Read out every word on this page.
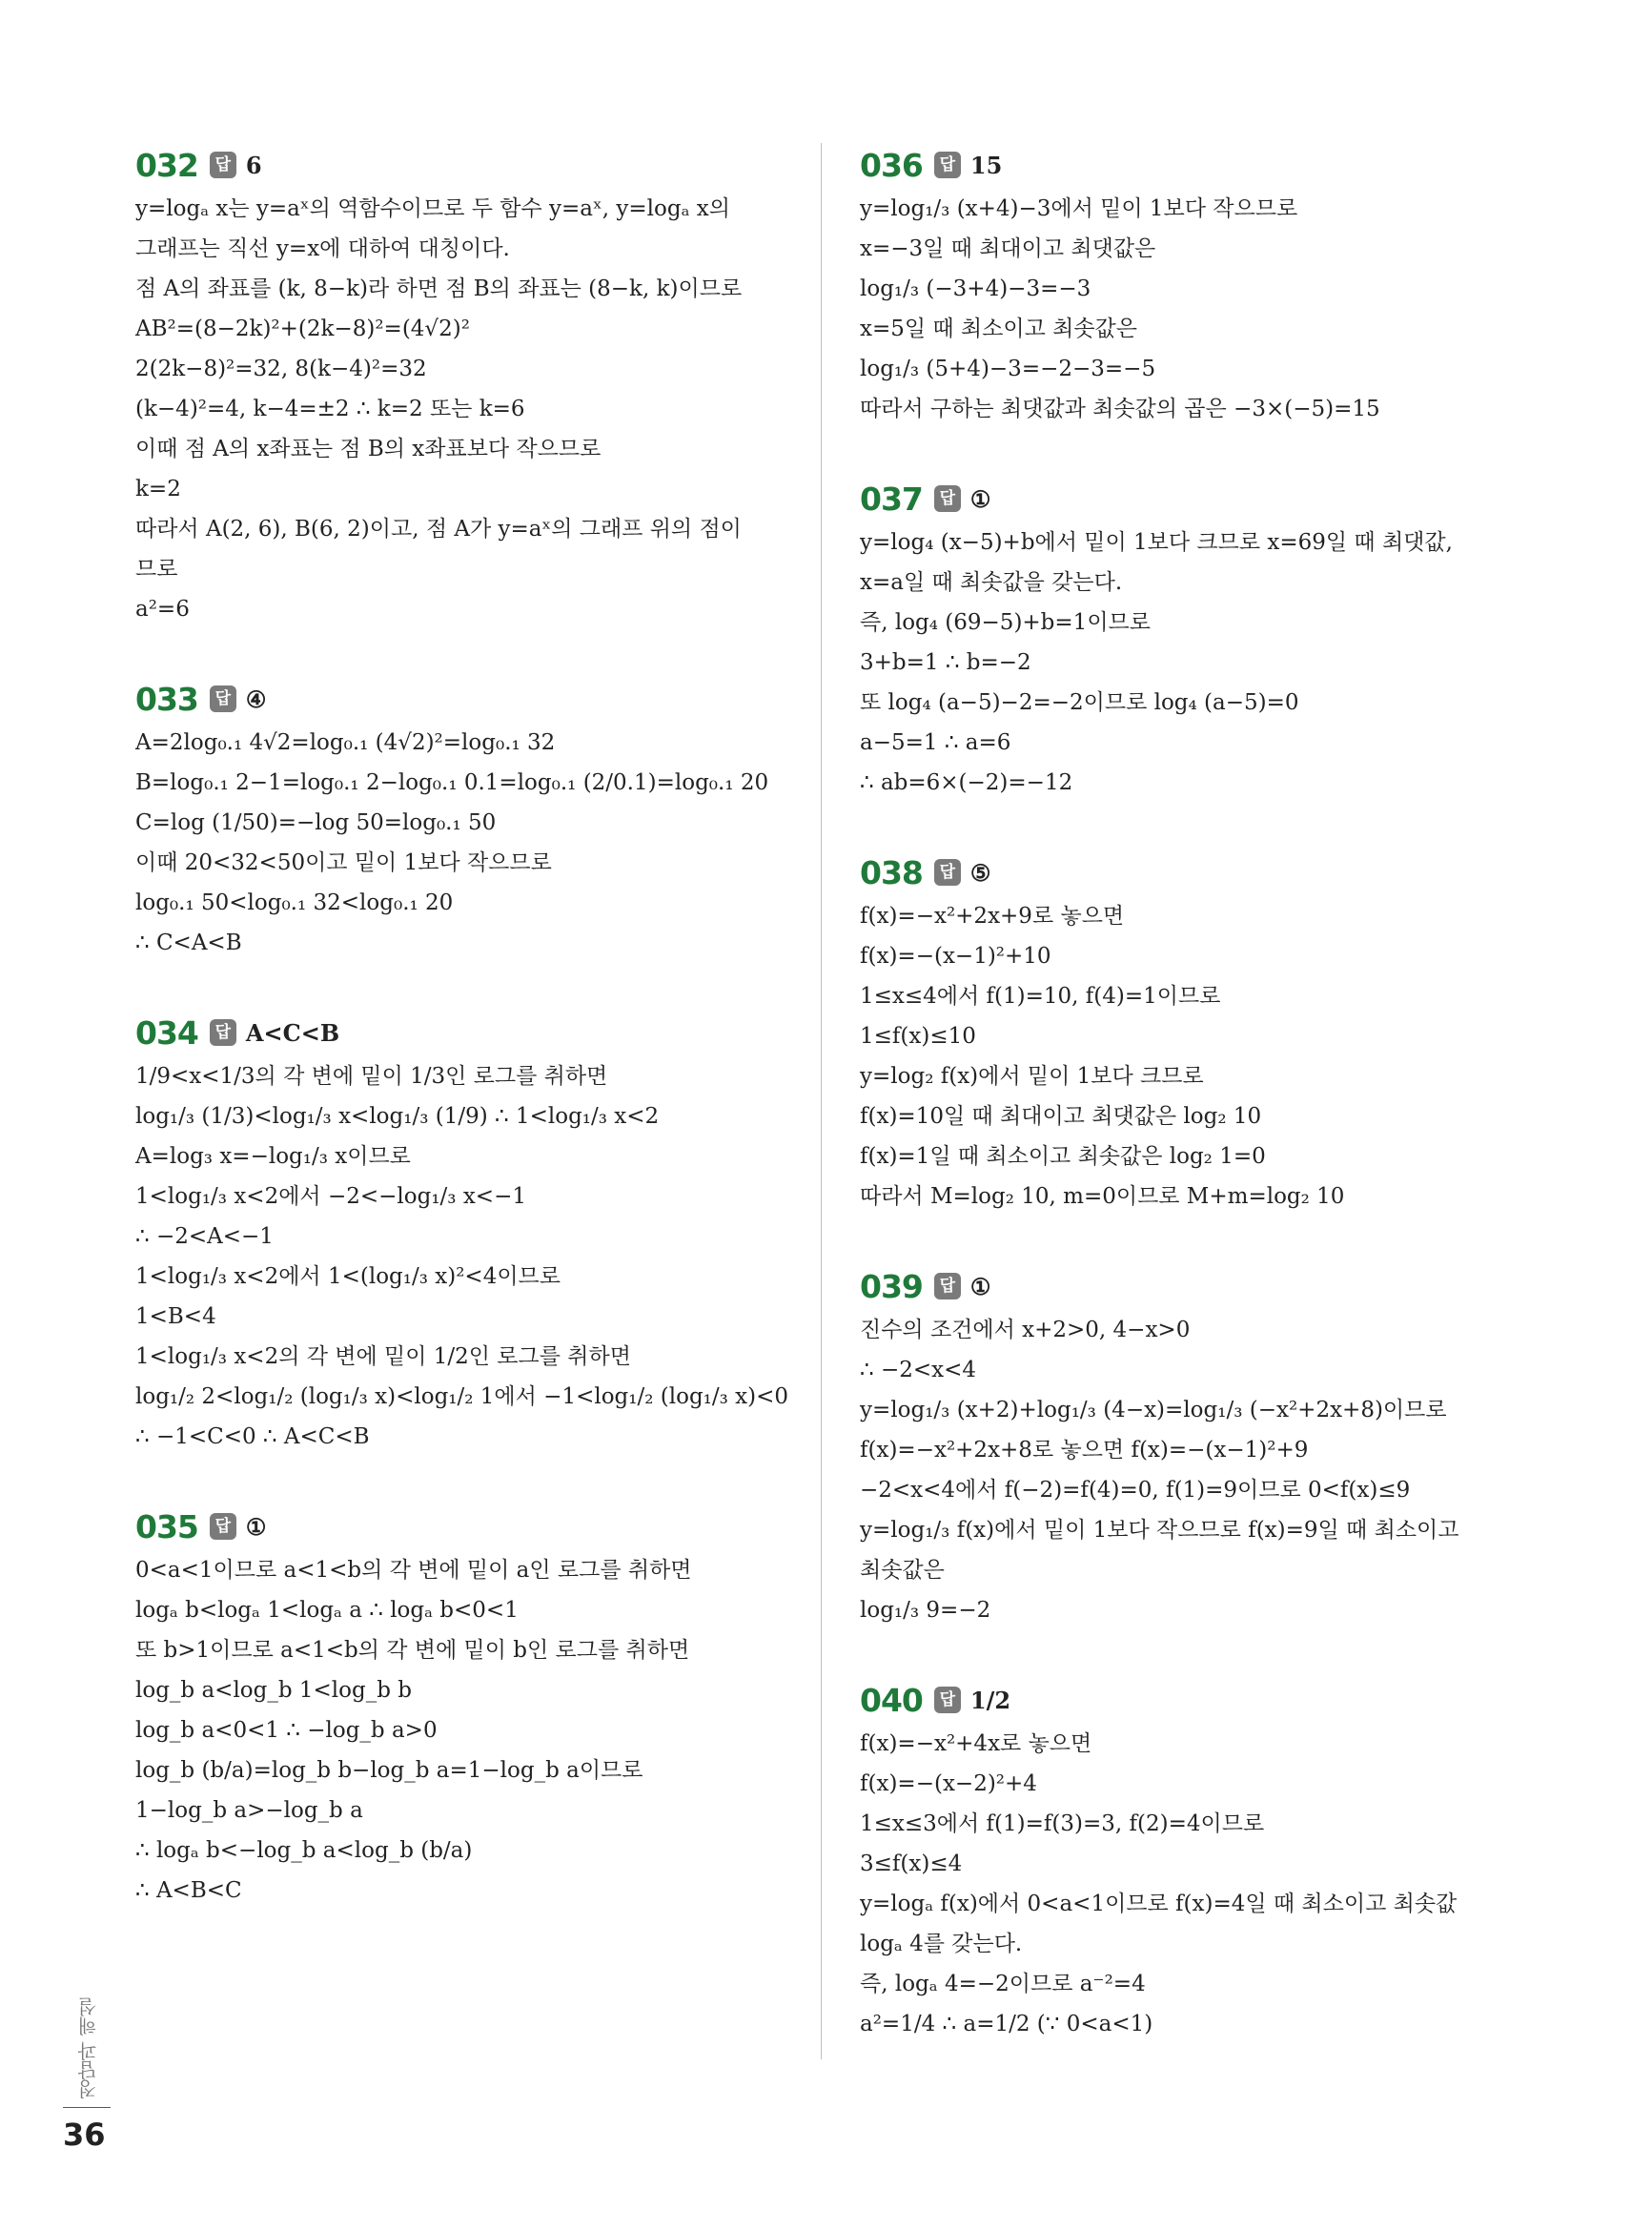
032	답 6
y=logₐ x는 y=aˣ의 역함수이므로 두 함수 y=aˣ, y=logₐ x의
그래프는 직선 y=x에 대하여 대칭이다.
점 A의 좌표를 (k, 8−k)라 하면 점 B의 좌표는 (8−k, k)이므로
AB²=(8−2k)²+(2k−8)²=(4√2)²
2(2k−8)²=32, 8(k−4)²=32
(k−4)²=4, k−4=±2 ∴ k=2 또는 k=6
이때 점 A의 x좌표는 점 B의 x좌표보다 작으므로
k=2
따라서 A(2, 6), B(6, 2)이고, 점 A가 y=aˣ의 그래프 위의 점이
므로
a²=6
033	답 ④
A=2log₀.₁ 4√2=log₀.₁ (4√2)²=log₀.₁ 32
B=log₀.₁ 2−1=log₀.₁ 2−log₀.₁ 0.1=log₀.₁ (2/0.1)=log₀.₁ 20
C=log (1/50)=−log 50=log₀.₁ 50
이때 20<32<50이고 밑이 1보다 작으므로
log₀.₁ 50<log₀.₁ 32<log₀.₁ 20
∴ C<A<B
034	답 A<C<B
1/9<x<1/3의 각 변에 밑이 1/3인 로그를 취하면
log₁/₃ (1/3)<log₁/₃ x<log₁/₃ (1/9) ∴ 1<log₁/₃ x<2
A=log₃ x=−log₁/₃ x이므로
1<log₁/₃ x<2에서 −2<−log₁/₃ x<−1
∴ −2<A<−1
1<log₁/₃ x<2에서 1<(log₁/₃ x)²<4이므로
1<B<4
1<log₁/₃ x<2의 각 변에 밑이 1/2인 로그를 취하면
log₁/₂ 2<log₁/₂ (log₁/₃ x)<log₁/₂ 1에서 −1<log₁/₂ (log₁/₃ x)<0
∴ −1<C<0 ∴ A<C<B
035	답 ①
0<a<1이므로 a<1<b의 각 변에 밑이 a인 로그를 취하면
logₐ b<logₐ 1<logₐ a ∴ logₐ b<0<1
또 b>1이므로 a<1<b의 각 변에 밑이 b인 로그를 취하면
log_b a<log_b 1<log_b b
log_b a<0<1 ∴ −log_b a>0
log_b (b/a)=log_b b−log_b a=1−log_b a이므로
1−log_b a>−log_b a
∴ logₐ b<−log_b a<log_b (b/a)
∴ A<B<C
036	답 15
y=log₁/₃ (x+4)−3에서 밑이 1보다 작으므로
x=−3일 때 최대이고 최댓값은
log₁/₃ (−3+4)−3=−3
x=5일 때 최소이고 최솟값은
log₁/₃ (5+4)−3=−2−3=−5
따라서 구하는 최댓값과 최솟값의 곱은 −3×(−5)=15
037	답 ①
y=log₄ (x−5)+b에서 밑이 1보다 크므로 x=69일 때 최댓값,
x=a일 때 최솟값을 갖는다.
즉, log₄ (69−5)+b=1이므로
3+b=1 ∴ b=−2
또 log₄ (a−5)−2=−2이므로 log₄ (a−5)=0
a−5=1 ∴ a=6
∴ ab=6×(−2)=−12
038	답 ⑤
f(x)=−x²+2x+9로 놓으면
f(x)=−(x−1)²+10
1≤x≤4에서 f(1)=10, f(4)=1이므로
1≤f(x)≤10
y=log₂ f(x)에서 밑이 1보다 크므로
f(x)=10일 때 최대이고 최댓값은 log₂ 10
f(x)=1일 때 최소이고 최솟값은 log₂ 1=0
따라서 M=log₂ 10, m=0이므로 M+m=log₂ 10
039	답 ①
진수의 조건에서 x+2>0, 4−x>0
∴ −2<x<4
y=log₁/₃ (x+2)+log₁/₃ (4−x)=log₁/₃ (−x²+2x+8)이므로
f(x)=−x²+2x+8로 놓으면 f(x)=−(x−1)²+9
−2<x<4에서 f(−2)=f(4)=0, f(1)=9이므로 0<f(x)≤9
y=log₁/₃ f(x)에서 밑이 1보다 작으므로 f(x)=9일 때 최소이고
최솟값은
log₁/₃ 9=−2
040	답 1/2
f(x)=−x²+4x로 놓으면
f(x)=−(x−2)²+4
1≤x≤3에서 f(1)=f(3)=3, f(2)=4이므로
3≤f(x)≤4
y=logₐ f(x)에서 0<a<1이므로 f(x)=4일 때 최소이고 최솟값
logₐ 4를 갖는다.
즉, logₐ 4=−2이므로 a⁻²=4
a²=1/4 ∴ a=1/2 (∵ 0<a<1)
정답과 해설
36
